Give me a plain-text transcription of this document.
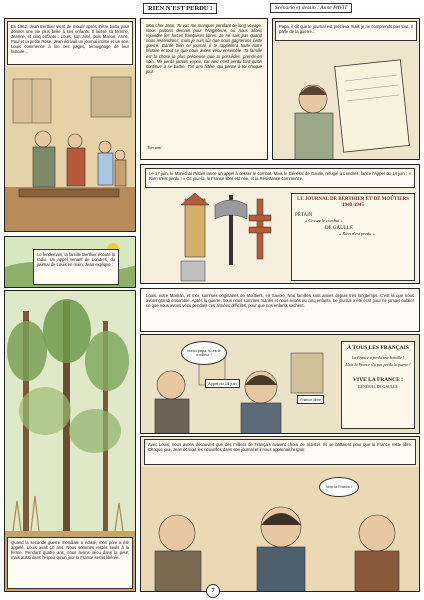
RIEN N'EST PERDU !	Scénario et dessin : Anne PAVIT
En 1962, Jean Berthier vient de mourir après s'être battu pour donner une vie plus belle à ses enfants. Il laisse sa femme, Jeanne, et cinq enfants : Louis, son aîné, puis Marcel, Anne, Paul et la petite Rose. Jean écrivait un journal intime et un soir, Louis commence à lire ces pages, témoignage de leur histoire...
Mon cher Jean, Tu vas me manquer pendant ce long voyage. Nous partons demain pour l'Angleterre, où nous allons rejoindre les forces françaises libres. Je ne sais pas quand nous reviendrons, mais je suis sûr que nous gagnerons cette guerre. Garde bien ce journal, il te rappellera toute notre histoire et tout ce que nous avons vécu ensemble. Ta famille est la chose la plus précieuse que tu possèdes, prends-en soin. Ne perds jamais espoir, car rien n'est perdu tant qu'on continue à se battre. Ton ami fidèle, qui pense à toi chaque jour.
Ton ami
Papa, il dit que le journal est précieux mais je ne comprends pas tout. Il parle de la guerre...
Le 17 juin, le Maréchal Pétain lance un appel à cesser le combat. Mais le Général de Gaulle, réfugié à Londres, lance l'Appel du 18 juin : « Rien n'est perdu ! » Ce jour-là, la France libre est née, et la Résistance commence.
LE JOURNAL DE BERTHIER ET DE MOÛTIERS 1940-1945
PÉTAIN
« Cessez le combat »
DE GAULLE
« Rien n'est perdu »
Le lendemain, la famille Berthier écoute la radio. Un appel venant de Londres, du journal de Louis en main, Jean explique :
Quand la seconde guerre mondiale a éclaté, mon père a été appelé. Louis avait 10 ans. Nous sommes restés seuls à la ferme. Pendant quatre ans, nous avons vécu dans la peur, mais aussi dans l'espoir qu'un jour la France serait libérée.
Louis, votre Maman, et moi, sommes originaires de Moûtiers, en Savoie. Nos familles sont amies depuis très longtemps. C'est là que nous avons grandi ensemble. Après la guerre, nous nous sommes mariés et nous avons eu cinq enfants. Le journal a été écrit pour ne jamais oublier ce que nous avons vécu pendant ces années difficiles, pour que nos enfants sachent.
Merci papa, tu es le meilleur !
Appel du 18 juin
France libre
À TOUS LES FRANÇAIS
La France a perdu une bataille !
Mais la France n'a pas perdu la guerre !
VIVE LA FRANCE !
GÉNÉRAL DE GAULLE
Avec Louis, nous avons découvert que des milliers de Français avaient choisi de résister. Ils se battaient pour que la France reste libre. Chaque jour, Jean écrivait les nouvelles dans son journal et il nous apprenait l'espoir.
Vive la France !
7
